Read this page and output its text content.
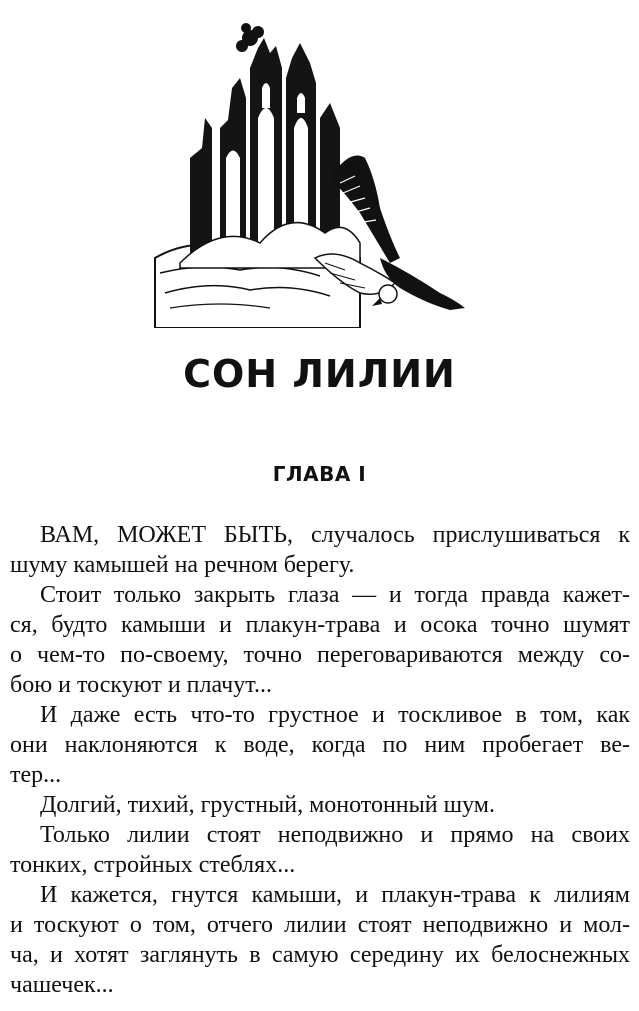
СОН ЛИЛИИ
ГЛАВА I
ВАМ, МОЖЕТ БЫТЬ, случалось прислушиваться к
шуму камышей на речном берегу.
Стоит только закрыть глаза — и тогда правда кажет-
ся, будто камыши и плакун-трава и осока точно шумят
о чем-то по-своему, точно переговариваются между со-
бою и тоскуют и плачут...
И даже есть что-то грустное и тоскливое в том, как
они наклоняются к воде, когда по ним пробегает ве-
тер...
Долгий, тихий, грустный, монотонный шум.
Только лилии стоят неподвижно и прямо на своих
тонких, стройных стеблях...
И кажется, гнутся камыши, и плакун-трава к лилиям
и тоскуют о том, отчего лилии стоят неподвижно и мол-
ча, и хотят заглянуть в самую середину их белоснежных
чашечек...
